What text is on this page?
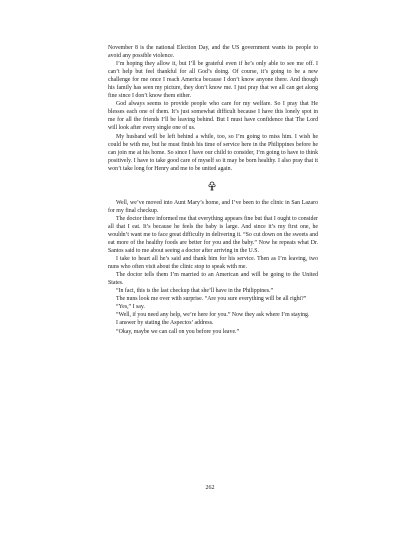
November 8 is the national Election Day, and the US government wants its people to avoid any possible violence.

I’m hoping they allow it, but I’ll be grateful even if he’s only able to see me off. I can’t help but feel thankful for all God’s doing. Of course, it’s going to be a new challenge for me once I reach America because I don’t know anyone there. And though his family has seen my picture, they don’t know me. I just pray that we all can get along fine since I don’t know them either.

God always seems to provide people who care for my welfare. So I pray that He blesses each one of them. It’s just somewhat difficult because I have this lonely spot in me for all the friends I’ll be leaving behind. But I must have confidence that The Lord will look after every single one of us.

My husband will be left behind a while, too, so I’m going to miss him. I wish he could be with me, but he must finish his time of service here in the Philippines before he can join me at his home. So since I have our child to consider, I’m going to have to think positively. I have to take good care of myself so it may be born healthy. I also pray that it won’t take long for Henry and me to be united again.

Well, we’ve moved into Aunt Mary’s home, and I’ve been to the clinic in San Lazaro for my final checkup.

The doctor there informed me that everything appears fine but that I ought to consider all that I eat. It’s because he feels the baby is large. And since it’s my first one, he wouldn’t want me to face great difficulty in delivering it. “So cut down on the sweets and eat more of the healthy foods are better for you and the baby.” Now he repeats what Dr. Santos said to me about seeing a doctor after arriving in the U.S.

I take to heart all he’s said and thank him for his service. Then as I’m leaving, two nuns who often visit about the clinic stop to speak with me.

The doctor tells them I’m married to an American and will be going to the United States.

“In fact, this is the last checkup that she’ll have in the Philippines.”

The nuns look me over with surprise. “Are you sure everything will be all right?”

“Yes,” I say.

“Well, if you need any help, we’re here for you.” Now they ask where I’m staying.

I answer by stating the Aspectos’ address.

“Okay, maybe we can call on you before you leave.”

262
